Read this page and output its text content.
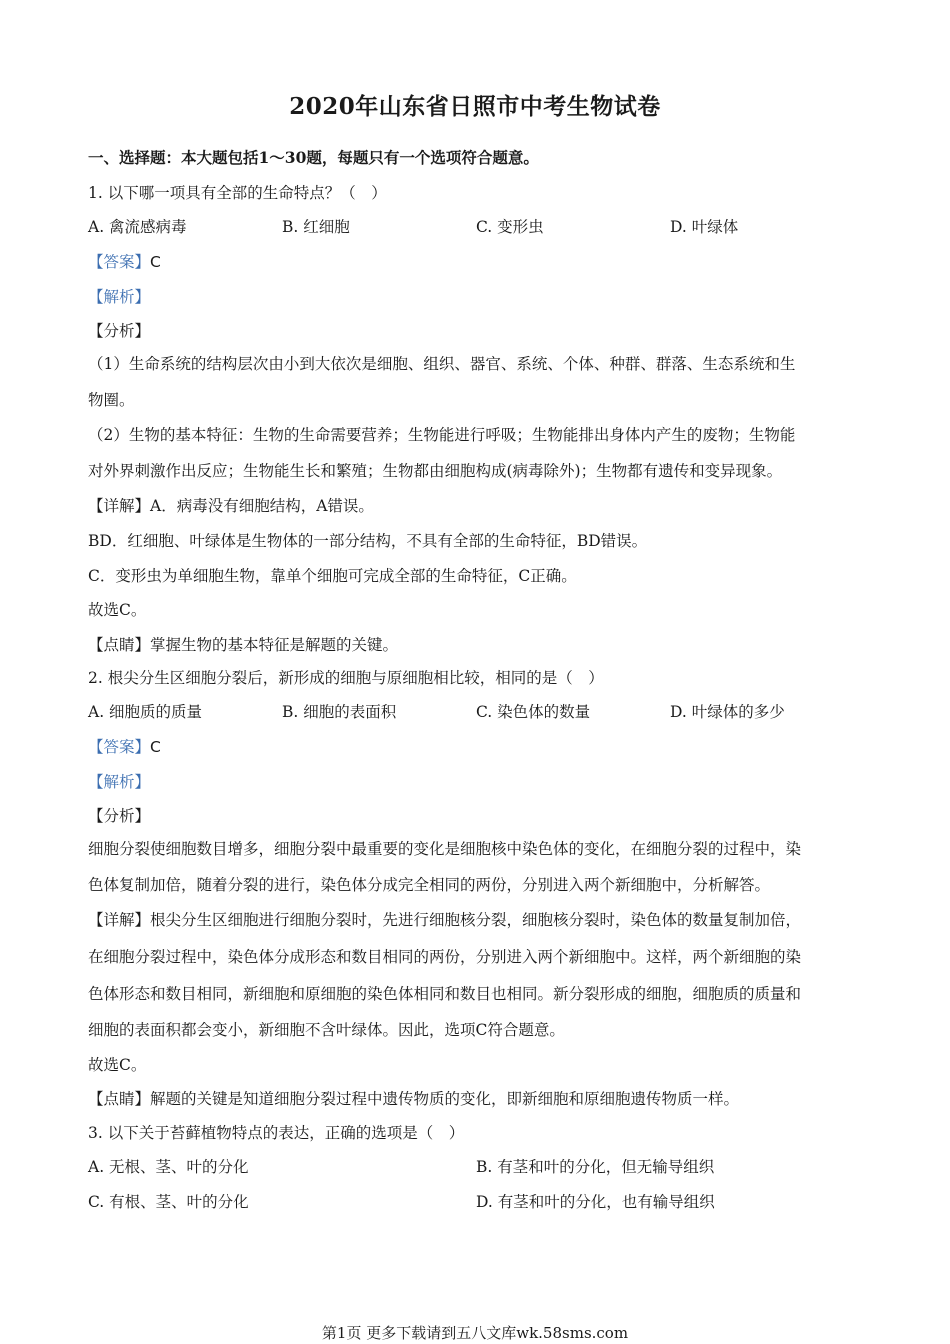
2020年山东省日照市中考生物试卷
一、选择题：本大题包括1～30题，每题只有一个选项符合题意。
1. 以下哪一项具有全部的生命特点？（　）
A. 禽流感病毒	B. 红细胞	C. 变形虫	D. 叶绿体
【答案】C
【解析】
【分析】
（1）生命系统的结构层次由小到大依次是细胞、组织、器官、系统、个体、种群、群落、生态系统和生
物圈。
（2）生物的基本特征：生物的生命需要营养；生物能进行呼吸；生物能排出身体内产生的废物；生物能
对外界刺激作出反应；生物能生长和繁殖；生物都由细胞构成(病毒除外)；生物都有遗传和变异现象。
【详解】A．病毒没有细胞结构，A错误。
BD．红细胞、叶绿体是生物体的一部分结构，不具有全部的生命特征，BD错误。
C．变形虫为单细胞生物，靠单个细胞可完成全部的生命特征，C正确。
故选C。
【点睛】掌握生物的基本特征是解题的关键。
2. 根尖分生区细胞分裂后，新形成的细胞与原细胞相比较，相同的是（　）
A. 细胞质的质量	B. 细胞的表面积	C. 染色体的数量	D. 叶绿体的多少
【答案】C
【解析】
【分析】
细胞分裂使细胞数目增多，细胞分裂中最重要的变化是细胞核中染色体的变化，在细胞分裂的过程中，染
色体复制加倍，随着分裂的进行，染色体分成完全相同的两份，分别进入两个新细胞中，分析解答。
【详解】根尖分生区细胞进行细胞分裂时，先进行细胞核分裂，细胞核分裂时，染色体的数量复制加倍，
在细胞分裂过程中，染色体分成形态和数目相同的两份，分别进入两个新细胞中。这样，两个新细胞的染
色体形态和数目相同，新细胞和原细胞的染色体相同和数目也相同。新分裂形成的细胞，细胞质的质量和
细胞的表面积都会变小，新细胞不含叶绿体。因此，选项C符合题意。
故选C。
【点睛】解题的关键是知道细胞分裂过程中遗传物质的变化，即新细胞和原细胞遗传物质一样。
3. 以下关于苔藓植物特点的表达，正确的选项是（　）
A. 无根、茎、叶的分化	B. 有茎和叶的分化，但无输导组织
C. 有根、茎、叶的分化	D. 有茎和叶的分化，也有输导组织
第1页 更多下载请到五八文库wk.58sms.com
